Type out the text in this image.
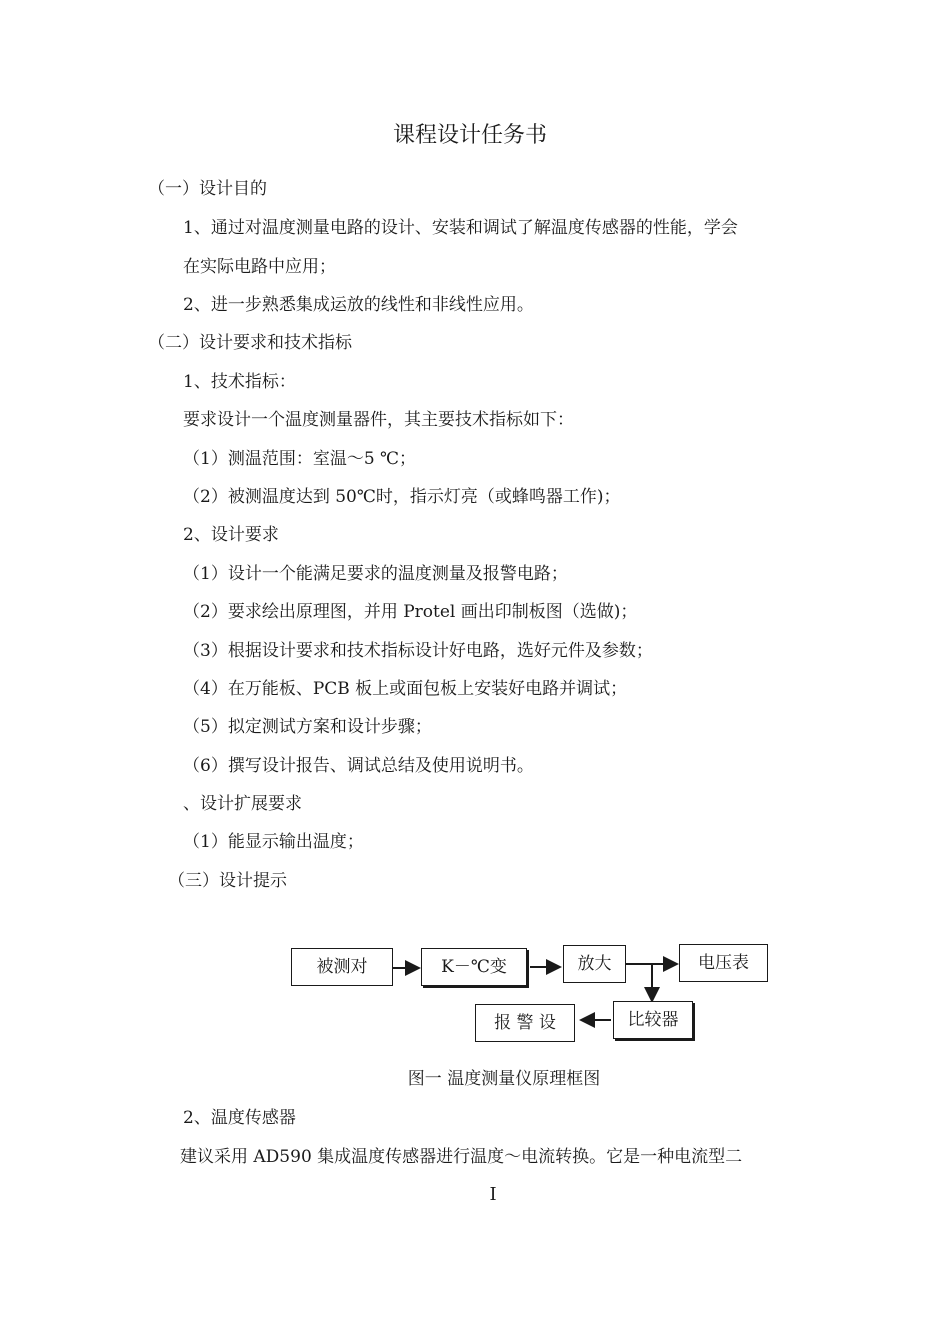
课程设计任务书
（一）设计目的
1、通过对温度测量电路的设计、安装和调试了解温度传感器的性能，学会
在实际电路中应用；
2、进一步熟悉集成运放的线性和非线性应用。
（二）设计要求和技术指标
1、技术指标：
要求设计一个温度测量器件，其主要技术指标如下：
（1）测温范围：室温～5 ℃；
（2）被测温度达到 50℃时，指示灯亮（或蜂鸣器工作)；
2、设计要求
（1）设计一个能满足要求的温度测量及报警电路；
（2）要求绘出原理图，并用 Protel 画出印制板图（选做)；
（3）根据设计要求和技术指标设计好电路，选好元件及参数；
（4）在万能板、PCB 板上或面包板上安装好电路并调试；
（5）拟定测试方案和设计步骤；
（6）撰写设计报告、调试总结及使用说明书。
、设计扩展要求
（1）能显示输出温度；
（三）设计提示
被测对	K－℃变	放大	电压表
比较器
报 警 设
图一 温度测量仪原理框图
2、温度传感器
建议采用 AD590 集成温度传感器进行温度～电流转换。它是一种电流型二
I
